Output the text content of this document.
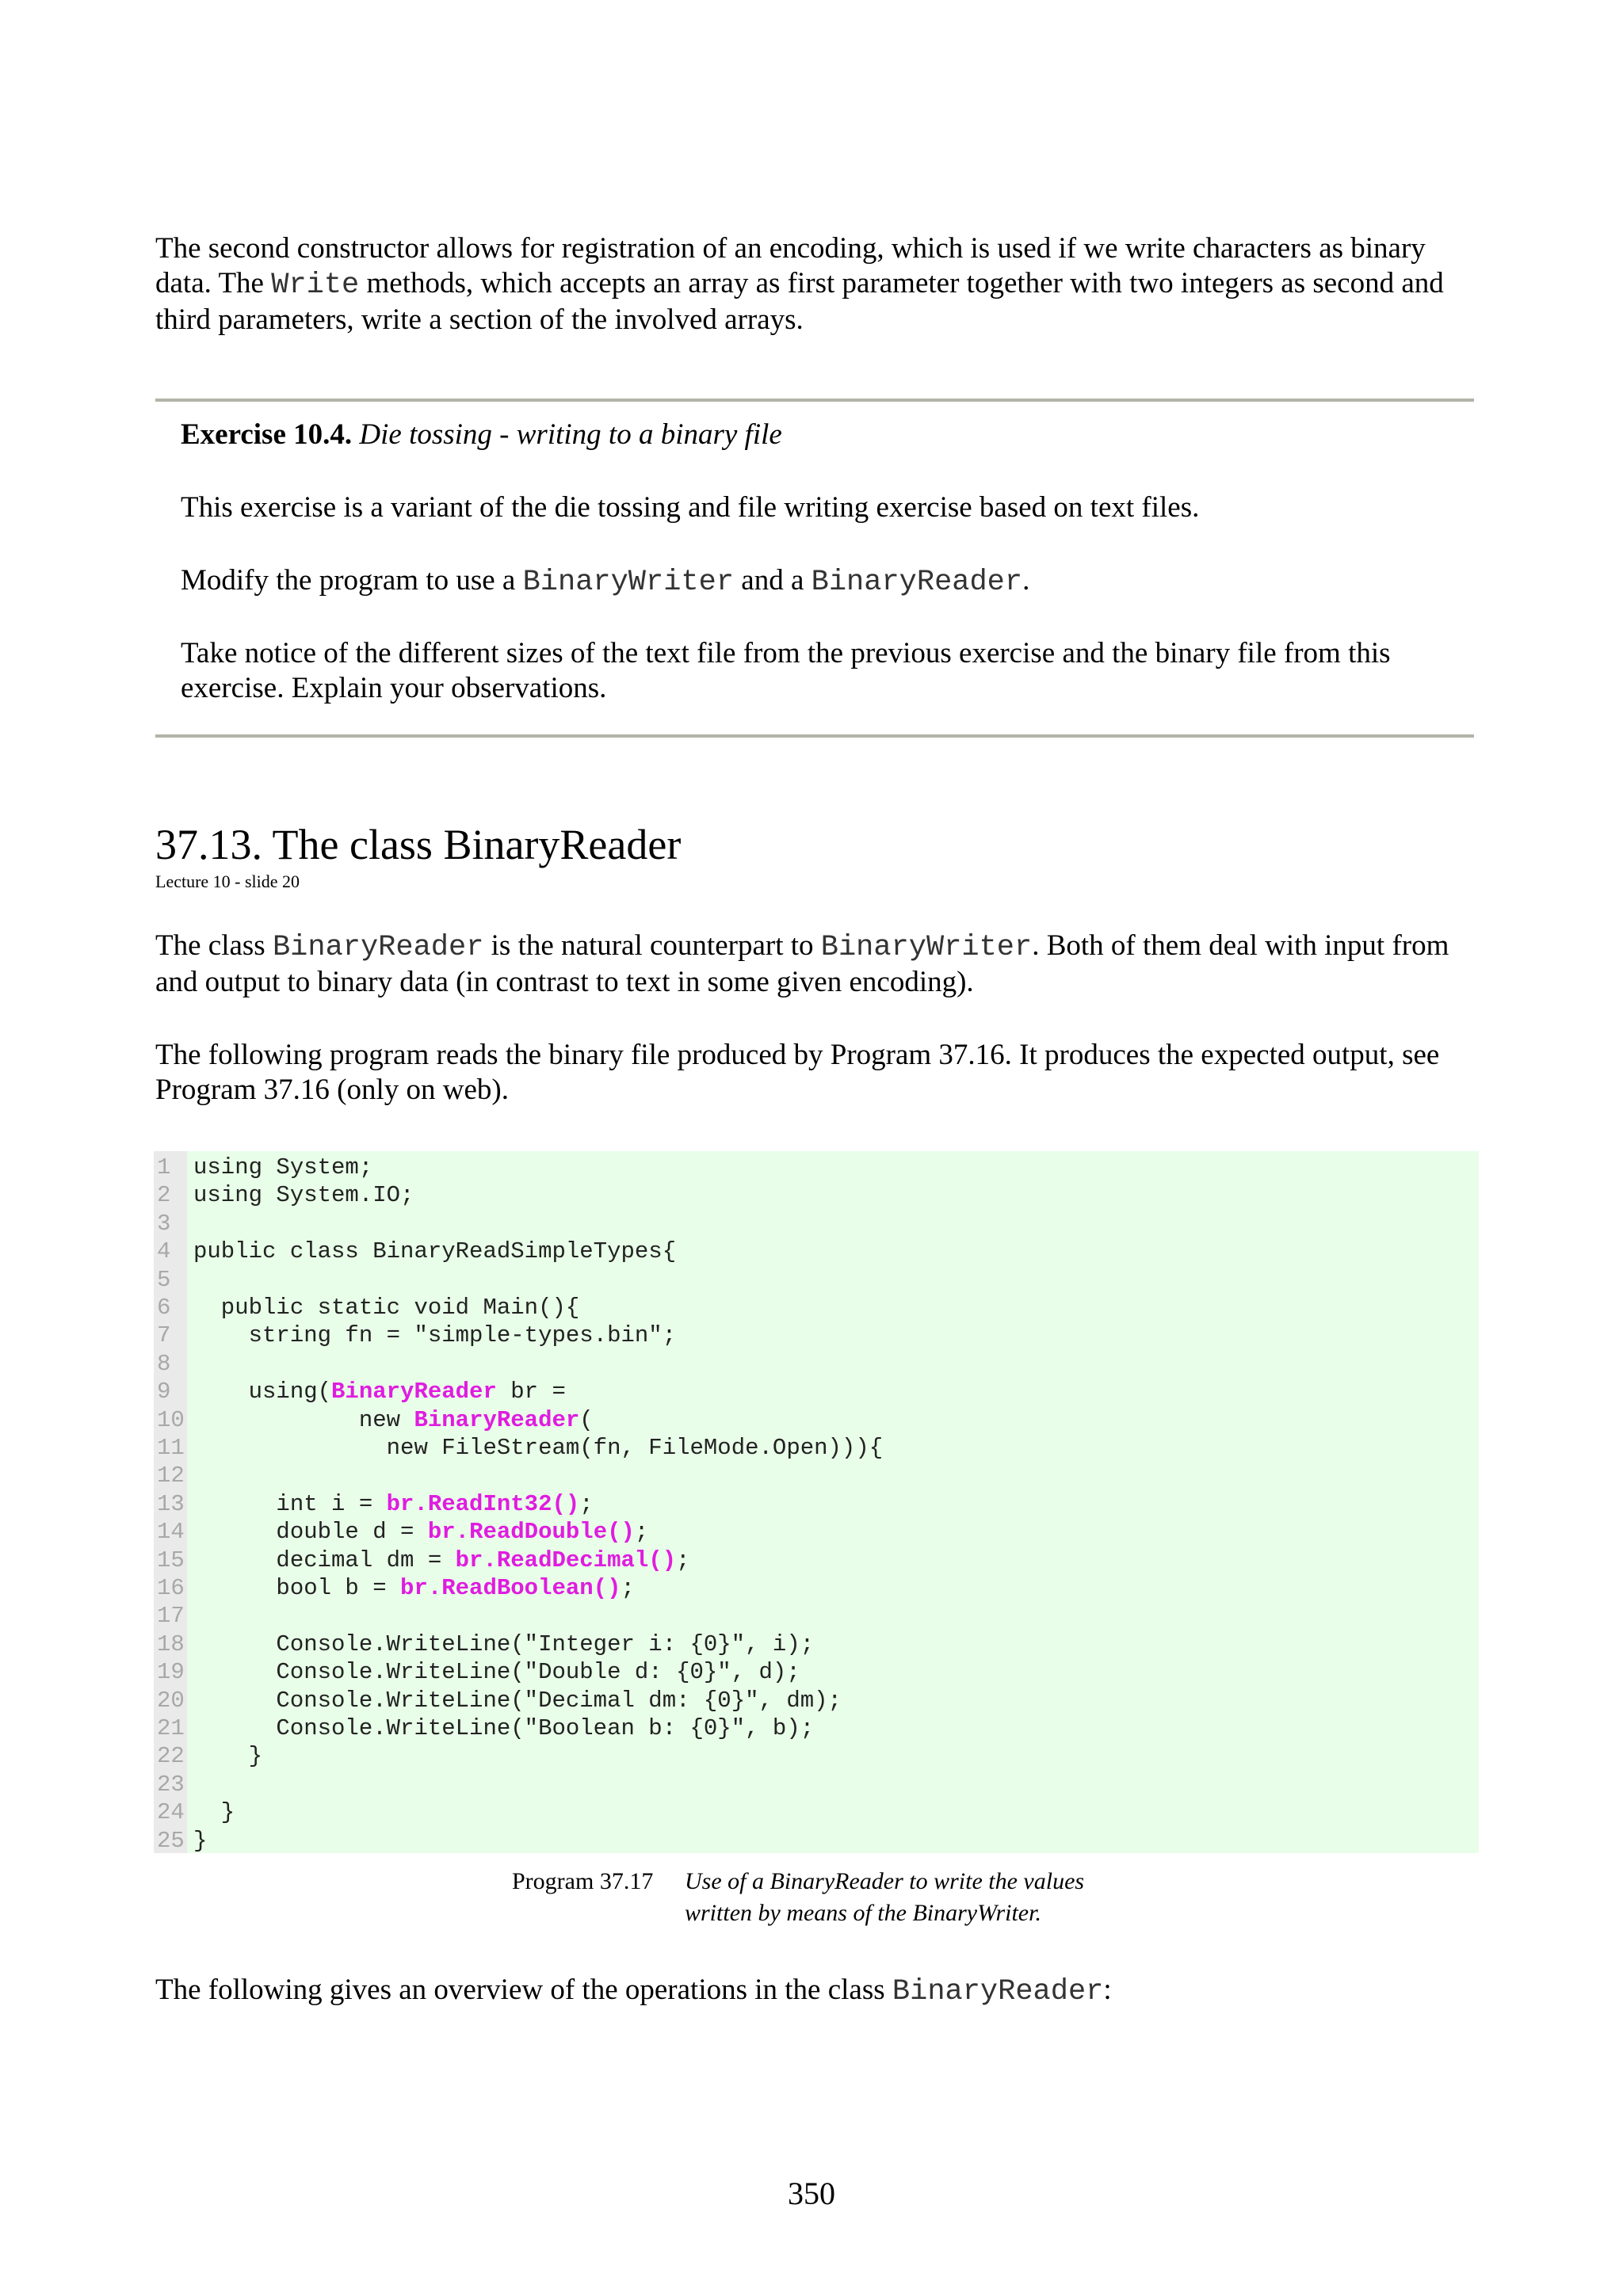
The second constructor allows for registration of an encoding, which is used if we write characters as binary data. The Write methods, which accepts an array as first parameter together with two integers as second and third parameters, write a section of the involved arrays.

Exercise 10.4. Die tossing - writing to a binary file

This exercise is a variant of the die tossing and file writing exercise based on text files.

Modify the program to use a BinaryWriter and a BinaryReader.

Take notice of the different sizes of the text file from the previous exercise and the binary file from this exercise. Explain your observations.

37.13. The class BinaryReader
Lecture 10 - slide 20

The class BinaryReader is the natural counterpart to BinaryWriter. Both of them deal with input from and output to binary data (in contrast to text in some given encoding).

The following program reads the binary file produced by Program 37.16. It produces the expected output, see Program 37.16 (only on web).

1 using System;
2 using System.IO;
3
4 public class BinaryReadSimpleTypes{
5
6 public static void Main(){
7 string fn = "simple-types.bin";
8
9 using(BinaryReader br =
10 new BinaryReader(
11 new FileStream(fn, FileMode.Open))){
12
13 int i = br.ReadInt32();
14 double d = br.ReadDouble();
15 decimal dm = br.ReadDecimal();
16 bool b = br.ReadBoolean();
17
18 Console.WriteLine("Integer i: {0}", i);
19 Console.WriteLine("Double d: {0}", d);
20 Console.WriteLine("Decimal dm: {0}", dm);
21 Console.WriteLine("Boolean b: {0}", b);
22 }
23
24 }
25 }
Program 37.17 Use of a BinaryReader to write the values written by means of the BinaryWriter.

The following gives an overview of the operations in the class BinaryReader:

350
